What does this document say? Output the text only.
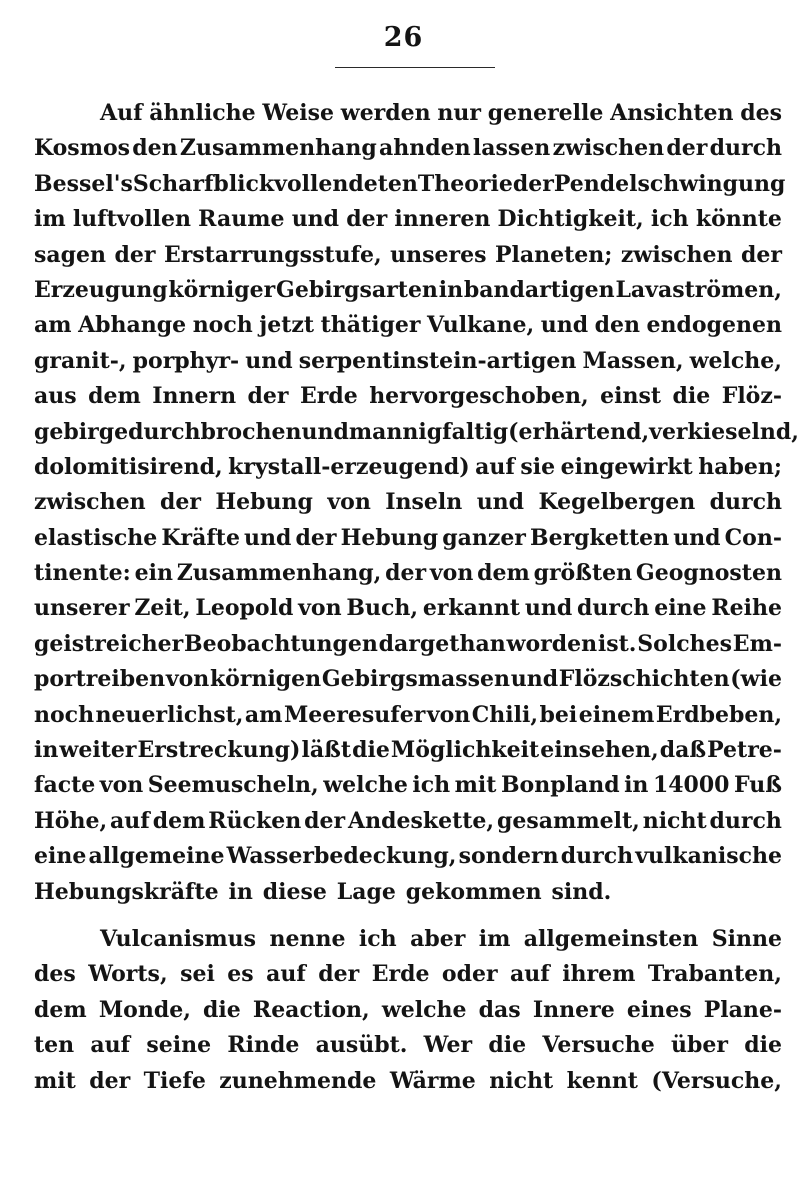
26
Auf ähnliche Weise werden nur generelle Ansichten des
Kosmos den Zusammenhang ahnden lassen zwischen der durch
Bessel's Scharfblick vollendeten Theorie der Pendelschwingung
im luftvollen Raume und der inneren Dichtigkeit, ich könnte
sagen der Erstarrungsstufe, unseres Planeten; zwischen der
Erzeugung körniger Gebirgsarten in bandartigen Lavaströmen,
am Abhange noch jetzt thätiger Vulkane, und den endogenen
granit-, porphyr- und serpentinstein-artigen Massen, welche,
aus dem Innern der Erde hervorgeschoben, einst die Flöz-
gebirge durchbrochen und mannigfaltig (erhärtend, verkieselnd,
dolomitisirend, krystall-erzeugend) auf sie eingewirkt haben;
zwischen der Hebung von Inseln und Kegelbergen durch
elastische Kräfte und der Hebung ganzer Bergketten und Con-
tinente: ein Zusammenhang, der von dem größten Geognosten
unserer Zeit, Leopold von Buch, erkannt und durch eine Reihe
geistreicher Beobachtungen dargethan worden ist. Solches Em-
portreiben von körnigen Gebirgsmassen und Flözschichten (wie
noch neuerlichst, am Meeresufer von Chili, bei einem Erdbeben,
in weiter Erstreckung) läßt die Möglichkeit einsehen, daß Petre-
facte von Seemuscheln, welche ich mit Bonpland in 14000 Fuß
Höhe, auf dem Rücken der Andeskette, gesammelt, nicht durch
eine allgemeine Wasserbedeckung, sondern durch vulkanische
Hebungskräfte in diese Lage gekommen sind.
Vulcanismus nenne ich aber im allgemeinsten Sinne
des Worts, sei es auf der Erde oder auf ihrem Trabanten,
dem Monde, die Reaction, welche das Innere eines Plane-
ten auf seine Rinde ausübt. Wer die Versuche über die
mit der Tiefe zunehmende Wärme nicht kennt (Versuche,
